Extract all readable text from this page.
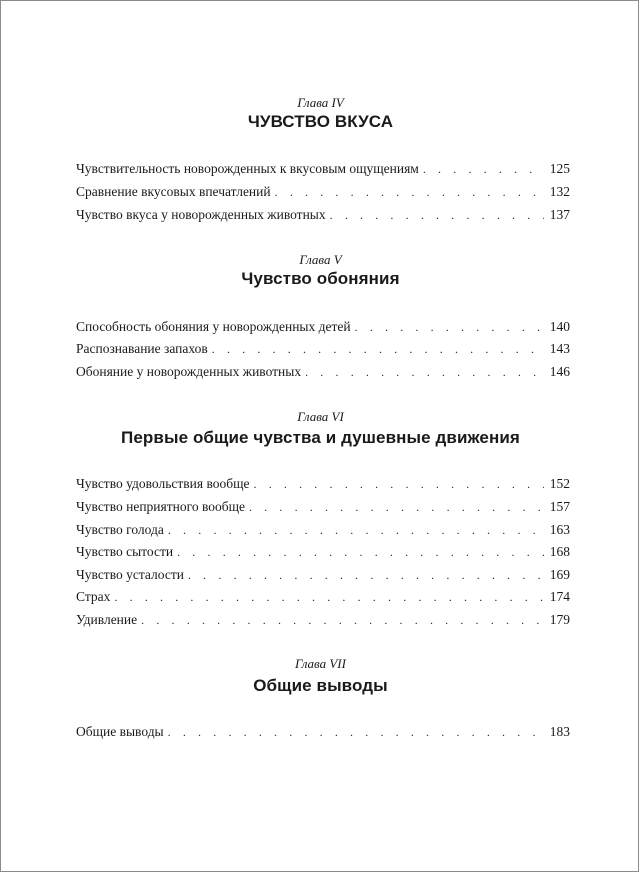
Глава IV
ЧУВСТВО ВКУСА
Чувствительность новорожденных к вкусовым ощущениям . . .	125
Сравнение вкусовых впечатлений . . .	132
Чувство вкуса у новорожденных животных . . .	137
Глава V
Чувство обоняния
Способность обоняния у новорожденных детей . . .	140
Распознавание запахов . . .	143
Обоняние у новорожденных животных . . .	146
Глава VI
Первые общие чувства и душевные движения
Чувство удовольствия вообще . . .	152
Чувство неприятного вообще . . .	157
Чувство голода . . .	163
Чувство сытости . . .	168
Чувство усталости . . .	169
Страх . . .	174
Удивление . . .	179
Глава VII
Общие выводы
Общие выводы . . .	183
